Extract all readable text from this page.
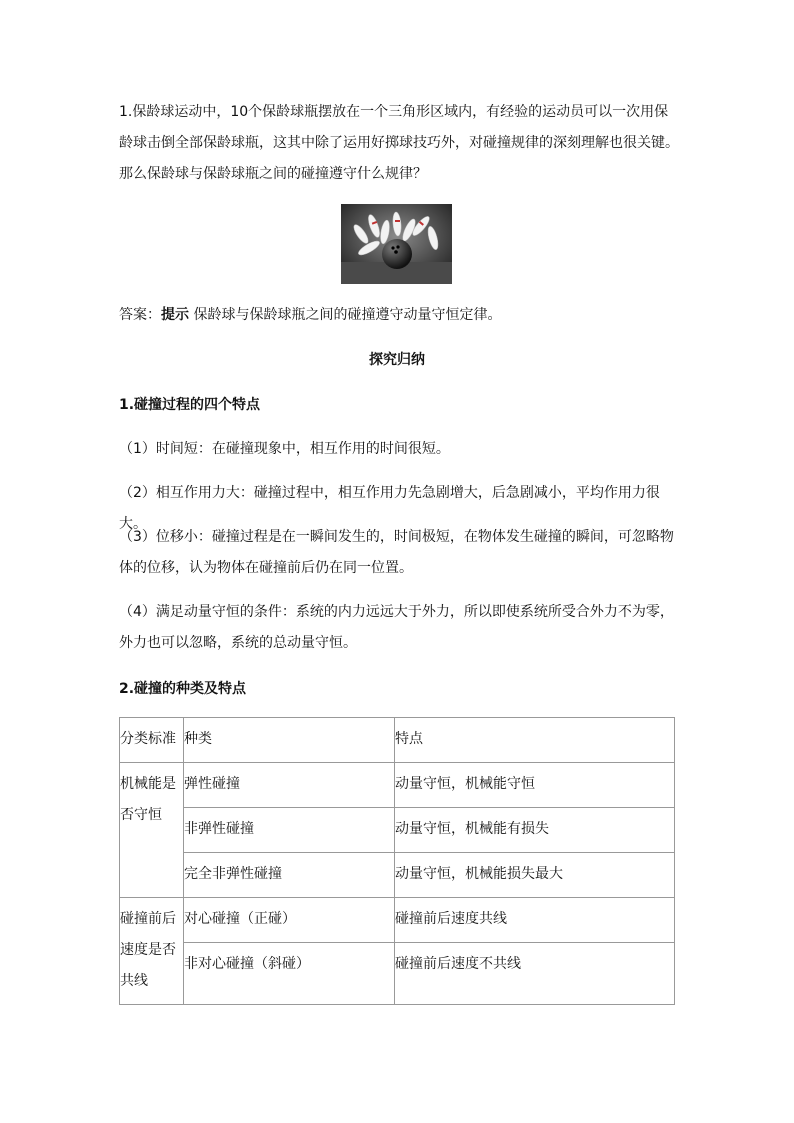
1.保龄球运动中，10个保龄球瓶摆放在一个三角形区域内，有经验的运动员可以一次用保龄球击倒全部保龄球瓶，这其中除了运用好掷球技巧外，对碰撞规律的深刻理解也很关键。那么保龄球与保龄球瓶之间的碰撞遵守什么规律？

答案：提示 保龄球与保龄球瓶之间的碰撞遵守动量守恒定律。

探究归纳

1.碰撞过程的四个特点

（1）时间短：在碰撞现象中，相互作用的时间很短。

（2）相互作用力大：碰撞过程中，相互作用力先急剧增大，后急剧减小，平均作用力很大。

（3）位移小：碰撞过程是在一瞬间发生的，时间极短，在物体发生碰撞的瞬间，可忽略物体的位移，认为物体在碰撞前后仍在同一位置。

（4）满足动量守恒的条件：系统的内力远远大于外力，所以即使系统所受合外力不为零，外力也可以忽略，系统的总动量守恒。

2.碰撞的种类及特点

分类标准	种类	特点
机械能是否守恒	弹性碰撞	动量守恒，机械能守恒
	非弹性碰撞	动量守恒，机械能有损失
	完全非弹性碰撞	动量守恒，机械能损失最大
碰撞前后速度是否共线	对心碰撞（正碰）	碰撞前后速度共线
	非对心碰撞（斜碰）	碰撞前后速度不共线
